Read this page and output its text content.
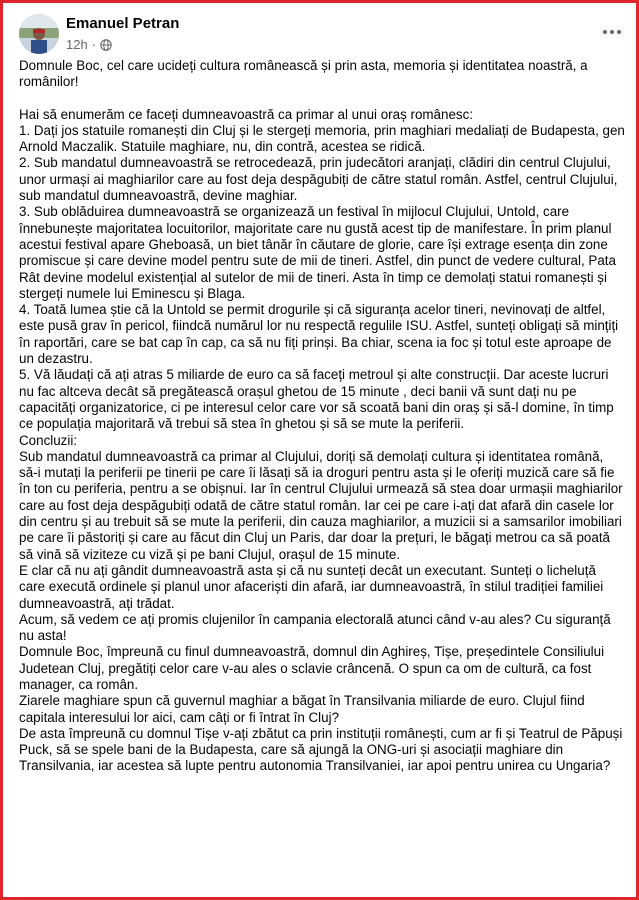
Emanuel Petran
12h ·

Domnule Boc, cel care ucideți cultura românească și prin asta, memoria și identitatea noastră, a românilor!

Hai să enumerăm ce faceți dumneavoastră ca primar al unui oraș românesc:
1. Dați jos statuile romanești din Cluj și le stergeți memoria, prin maghiari medaliați de Budapesta, gen Arnold Maczalik. Statuile maghiare, nu, din contră, acestea se ridică.
2. Sub mandatul dumneavoastră se retrocedează, prin judecători aranjați, clădiri din centrul Clujului, unor urmași ai maghiarilor care au fost deja despăgubiți de către statul român. Astfel, centrul Clujului, sub mandatul dumneavoastră, devine maghiar.
3. Sub oblăduirea dumneavoastră se organizează un festival în mijlocul Clujului, Untold, care înnebunește majoritatea locuitorilor, majoritate care nu gustă acest tip de manifestare. În prim planul acestui festival apare Gheboasă, un biet tânăr în căutare de glorie, care își extrage esența din zone promiscue și care devine model pentru sute de mii de tineri. Astfel, din punct de vedere cultural, Pata Rât devine modelul existențial al sutelor de mii de tineri. Asta în timp ce demolați statui romanești și stergeți numele lui Eminescu și Blaga.
4. Toată lumea știe că la Untold se permit drogurile și că siguranța acelor tineri, nevinovați de altfel, este pusă grav în pericol, fiindcă numărul lor nu respectă regulile ISU. Astfel, sunteți obligați să mințiți în raportări, care se bat cap în cap, ca să nu fiți prinși. Ba chiar, scena ia foc și totul este aproape de un dezastru.
5. Vă lăudați că ați atras 5 miliarde de euro ca să faceți metroul și alte construcții. Dar aceste lucruri nu fac altceva decât să pregătească orașul ghetou de 15 minute , deci banii vă sunt dați nu pe capacități organizatorice, ci pe interesul celor care vor să scoată bani din oraș și să-l domine, în timp ce populația majoritară vă trebui să stea în ghetou și să se mute la periferii.
Concluzii:
Sub mandatul dumneavoastră ca primar al Clujului, doriți să demolați cultura și identitatea română, să-i mutați la periferii pe tinerii pe care îi lăsați să ia droguri pentru asta și le oferiți muzică care să fie în ton cu periferia, pentru a se obișnui. Iar în centrul Clujului urmează să stea doar urmașii maghiarilor care au fost deja despăgubiți odată de către statul român. Iar cei pe care i-ați dat afară din casele lor din centru și au trebuit să se mute la periferii, din cauza maghiarilor, a muzicii si a samsarilor imobiliari pe care îi păstoriți și care au făcut din Cluj un Paris, dar doar la prețuri, le băgați metrou ca să poată să vină să viziteze cu viză și pe bani Clujul, orașul de 15 minute.
E clar că nu ați gândit dumneavoastră asta și că nu sunteți decât un executant. Sunteți o licheluță care execută ordinele și planul unor afaceriști din afară, iar dumneavoastră, în stilul tradiției familiei dumneavoastră, ați trădat.
Acum, să vedem ce ați promis clujenilor în campania electorală atunci când v-au ales? Cu siguranță nu asta!
Domnule Boc, împreună cu finul dumneavoastră, domnul din Aghireș, Tișe, președintele Consiliului Judetean Cluj, pregătiți celor care v-au ales o sclavie crâncenă. O spun ca om de cultură, ca fost manager, ca român.
Ziarele maghiare spun că guvernul maghiar a băgat în Transilvania miliarde de euro. Clujul fiind capitala interesului lor aici, cam câți or fi întrat în Cluj?
De asta împreună cu domnul Tișe v-ați zbătut ca prin instituții românești, cum ar fi și Teatrul de Păpuși Puck, să se spele bani de la Budapesta, care să ajungă la ONG-uri și asociații maghiare din Transilvania, iar acestea să lupte pentru autonomia Transilvaniei, iar apoi pentru unirea cu Ungaria?
